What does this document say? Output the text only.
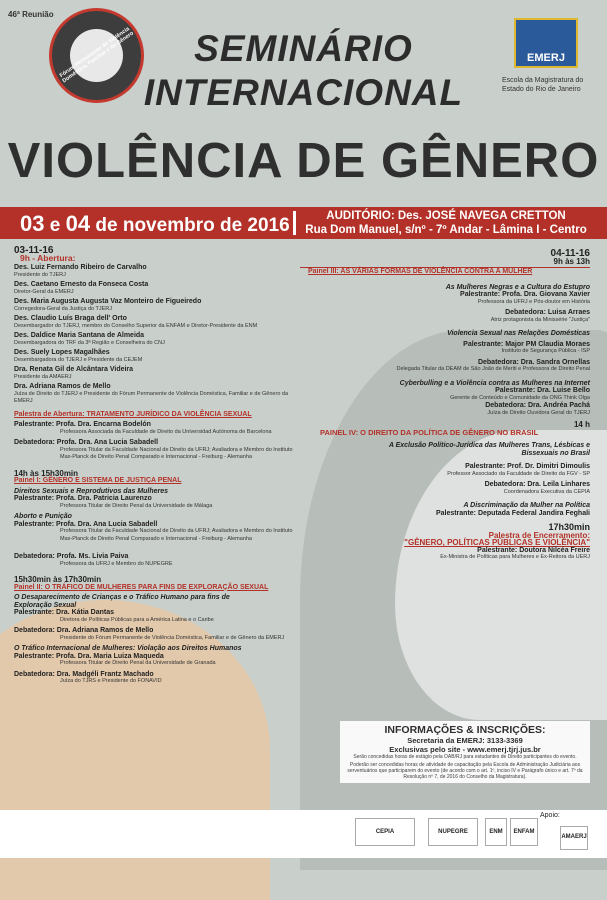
46ª Reunião
Fórum Permanente de Violência Doméstica, Familiar e de Gênero	SEMINÁRIO
INTERNACIONAL
VIOLÊNCIA DE GÊNERO
EMERJ
Escola da Magistratura do Estado do Rio de Janeiro
03 e 04 de novembro de 2016	AUDITÓRIO: Des. JOSÉ NAVEGA CRETTON
Rua Dom Manuel, s/nº - 7º Andar - Lâmina I - Centro
03-11-16
9h - Abertura:
Des. Luiz Fernando Ribeiro de Carvalho
Presidente do TJERJ
Des. Caetano Ernesto da Fonseca Costa
Diretor-Geral da EMERJ
Des. Maria Augusta Augusta Vaz Monteiro de Figueiredo
Corregedora-Geral da Justiça do TJERJ
Des. Claudio Luís Braga dell' Orto
Desembargador do TJERJ, membro do Conselho Superior da ENFAM e Diretor-Presidente da ENM
Des. Daldice Maria Santana de Almeida
Desembargadora do TRF da 3ª Região e Conselheira do CNJ
Des. Suely Lopes Magalhães
Desembargadora do TJERJ e Presidente da CEJEM
Dra. Renata Gil de Alcântara Videira
Presidente da AMAERJ
Dra. Adriana Ramos de Mello
Juíza de Direito do TJERJ e Presidente do Fórum Permanente de Violência Doméstica, Familiar e de Gênero da EMERJ
Palestra de Abertura: TRATAMENTO JURÍDICO DA VIOLÊNCIA SEXUAL
Palestrante: Profa. Dra. Encarna Bodelón
Professora Associada da Faculdade de Direito da Universidad Autónoma de Barcelona
Debatedora: Profa. Dra. Ana Lucia Sabadell
Professora Titular da Faculdade Nacional de Direito da UFRJ; Avaliadora e Membro do Instituto Max-Planck de Direito Penal Comparado e Internacional - Freiburg - Alemanha
14h às 15h30min
Painel I: GÊNERO E SISTEMA DE JUSTIÇA PENAL
Direitos Sexuais e Reprodutivos das Mulheres
Palestrante: Profa. Dra. Patricia Laurenzo
Professora Titular de Direito Penal da Universidade de Málaga
Aborto e Punição
Palestrante: Profa. Dra. Ana Lucia Sabadell
Professora Titular da Faculdade Nacional de Direito da UFRJ; Avaliadora e Membro do Instituto Max-Planck de Direito Penal Comparado e Internacional - Freiburg - Alemanha
Debatedora: Profa. Ms. Livia Paiva
Professora da UFRJ e Membro do NUPEGRE
15h30min às 17h30min
Painel II: O TRÁFICO DE MULHERES PARA FINS DE EXPLORAÇÃO SEXUAL
O Desaparecimento de Crianças e o Tráfico Humano para fins de Exploração Sexual
Palestrante: Dra. Kátia Dantas
Diretora de Políticas Públicas para a América Latina e o Caribe
Debatedora: Dra. Adriana Ramos de Mello
Presidente do Fórum Permanente de Violência Doméstica, Familiar e de Gênero da EMERJ
O Tráfico Internacional de Mulheres: Violação aos Direitos Humanos
Palestrante: Profa. Dra. Maria Luiza Maqueda
Professora Titular de Direito Penal da Universidade de Granada
Debatedora: Dra. Madgéli Frantz Machado
Juíza do TJRS e Presidente do FONAVID
04-11-16
9h às 13h
Painel III: AS VÁRIAS FORMAS DE VIOLÊNCIA CONTRA A MULHER
As Mulheres Negras e a Cultura do Estupro
Palestrante: Profa. Dra. Giovana Xavier
Professora da UFRJ e Pós-doutor em História
Debatedora: Luisa Arraes
Atriz protagonista da Minissérie "Justiça"
Violencia Sexual nas Relações Domésticas
Palestrante: Major PM Claudia Moraes
Instituto de Segurança Pública - ISP
Debatedora: Dra. Sandra Ornellas
Delegada Titular da DEAM de São João de Meriti e Professora de Direito Penal
Cyberbulling e a Violência contra as Mulheres na Internet
Palestrante: Dra. Luise Bello
Gerente de Conteúdo e Comunidade da ONG Think Olga
Debatedora: Dra. Andréa Pachá
Juíza de Direito Ouvidora Geral do TJERJ
14 h
PAINEL IV: O DIREITO DA POLÍTICA DE GÊNERO NO BRASIL
A Exclusão Político-Jurídica das Mulheres Trans, Lésbicas e Bissexuais no Brasil
Palestrante: Prof. Dr. Dimitri Dimoulis
Professor Associado da Faculdade de Direito da FGV - SP
Debatedora: Dra. Leila Linhares
Coordenadora Executiva da CEPIA
A Discriminação da Mulher na Política
Palestrante: Deputada Federal Jandira Feghali
17h30min
Palestra de Encerramento:
"GÊNERO, POLÍTICAS PÚBLICAS E VIOLÊNCIA"
Palestrante: Doutora Nilcéa Freire
Ex-Ministra de Políticas para Mulheres e Ex-Reitora da UERJ
INFORMAÇÕES & INSCRIÇÕES:
Secretaria da EMERJ: 3133-3369
Exclusivas pelo site - www.emerj.tjrj.jus.br
Serão concedidas horas de estágio pela OAB/RJ para estudantes de Direito participantes do evento.
Poderão ser concedidas horas de atividade de capacitação pela Escola de Administração Judiciária aos serventuários que participarem do evento (de acordo com o art. 1º, inciso IV e Parágrafo único e art. 7º da Resolução nº 7, de 2016 do Conselho da Magistratura).
CEPIA	NUPEGRE	ENM	ENFAM
Apoio:
AMAERJ
